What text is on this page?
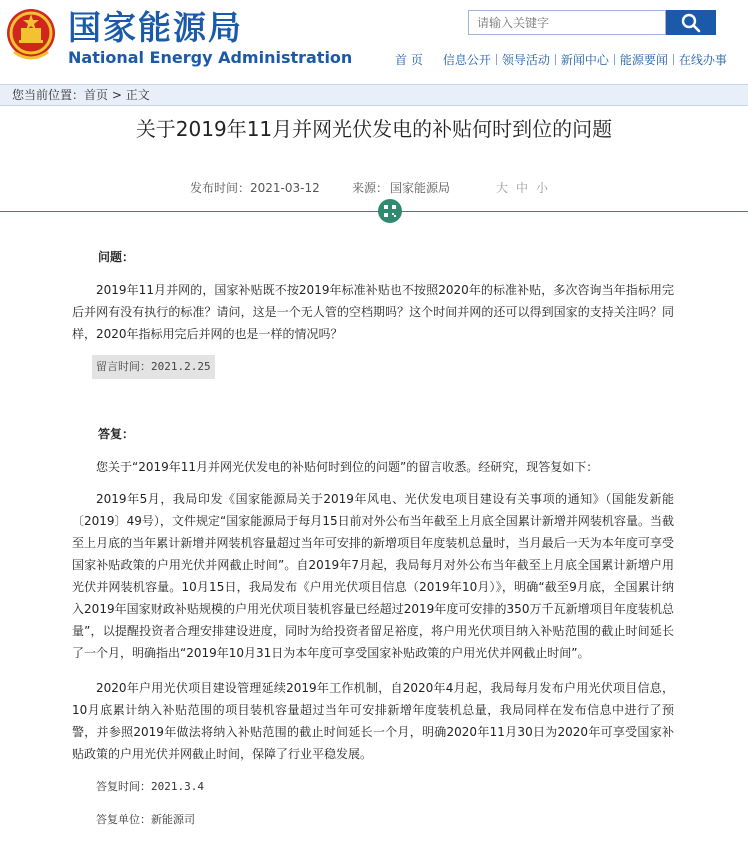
国家能源局
National Energy Administration
请输入关键字	首 页 信息公开 领导活动 新闻中心 能源要闻 在线办事
您当前位置：首页 > 正文
关于2019年11月并网光伏发电的补贴何时到位的问题
发布时间： 2021-03-12	来源： 国家能源局	大 中 小
问题：
2019年11月并网的，国家补贴既不按2019年标准补贴也不按照2020年的标准补贴，多次咨询当年指标用完后并网有没有执行的标准？请问，这是一个无人管的空档期吗？这个时间并网的还可以得到国家的支持关注吗？同样，2020年指标用完后并网的也是一样的情况吗？
留言时间：2021.2.25
答复：
您关于“2019年11月并网光伏发电的补贴何时到位的问题”的留言收悉。经研究，现答复如下：
2019年5月，我局印发《国家能源局关于2019年风电、光伏发电项目建设有关事项的通知》（国能发新能〔2019〕49号），文件规定“国家能源局于每月15日前对外公布当年截至上月底全国累计新增并网装机容量。当截至上月底的当年累计新增并网装机容量超过当年可安排的新增项目年度装机总量时，当月最后一天为本年度可享受国家补贴政策的户用光伏并网截止时间”。自2019年7月起，我局每月对外公布当年截至上月底全国累计新增户用光伏并网装机容量。10月15日，我局发布《户用光伏项目信息（2019年10月）》，明确“截至9月底，全国累计纳入2019年国家财政补贴规模的户用光伏项目装机容量已经超过2019年度可安排的350万千瓦新增项目年度装机总量”，以提醒投资者合理安排建设进度，同时为给投资者留足裕度，将户用光伏项目纳入补贴范围的截止时间延长了一个月，明确指出“2019年10月31日为本年度可享受国家补贴政策的户用光伏并网截止时间”。
2020年户用光伏项目建设管理延续2019年工作机制，自2020年4月起，我局每月发布户用光伏项目信息，10月底累计纳入补贴范围的项目装机容量超过当年可安排新增年度装机总量，我局同样在发布信息中进行了预警，并参照2019年做法将纳入补贴范围的截止时间延长一个月，明确2020年11月30日为2020年可享受国家补贴政策的户用光伏并网截止时间，保障了行业平稳发展。
答复时间：2021.3.4
答复单位：新能源司
